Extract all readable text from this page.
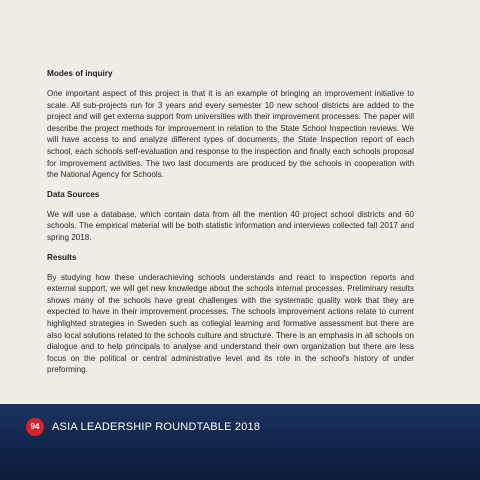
Modes of inquiry

One important aspect of this project is that it is an example of bringing an improvement initiative to scale. All sub-projects run for 3 years and every semester 10 new school districts are added to the project and will get externa support from universities with their improvement processes. The paper will describe the project methods for improvement in relation to the State School Inspection reviews. We will have access to and analyze different types of documents, the State Inspection report of each school, each schools self-evaluation and response to the inspection and finally each schools proposal for improvement activities. The two last documents are produced by the schools in cooperation with the National Agency for Schools.

Data Sources

We will use a database, which contain data from all the mention 40 project school districts and 60 schools. The empirical material will be both statistic information and interviews collected fall 2017 and spring 2018.

Results

By studying how these underachieving schools understands and react to inspection reports and external support, we will get new knowledge about the schools internal processes. Preliminary results shows many of the schools have great challenges with the systematic quality work that they are expected to have in their improvement processes. The schools improvement actions relate to current highlighted strategies in Sweden such as collegial learning and formative assessment but there are also local solutions related to the schools culture and structure. There is an emphasis in all schools on dialogue and to help principals to analyse and understand their own organization but there are less focus on the political or central administrative level and its role in the school's history of under preforming.

94	ASIA LEADERSHIP ROUNDTABLE 2018
